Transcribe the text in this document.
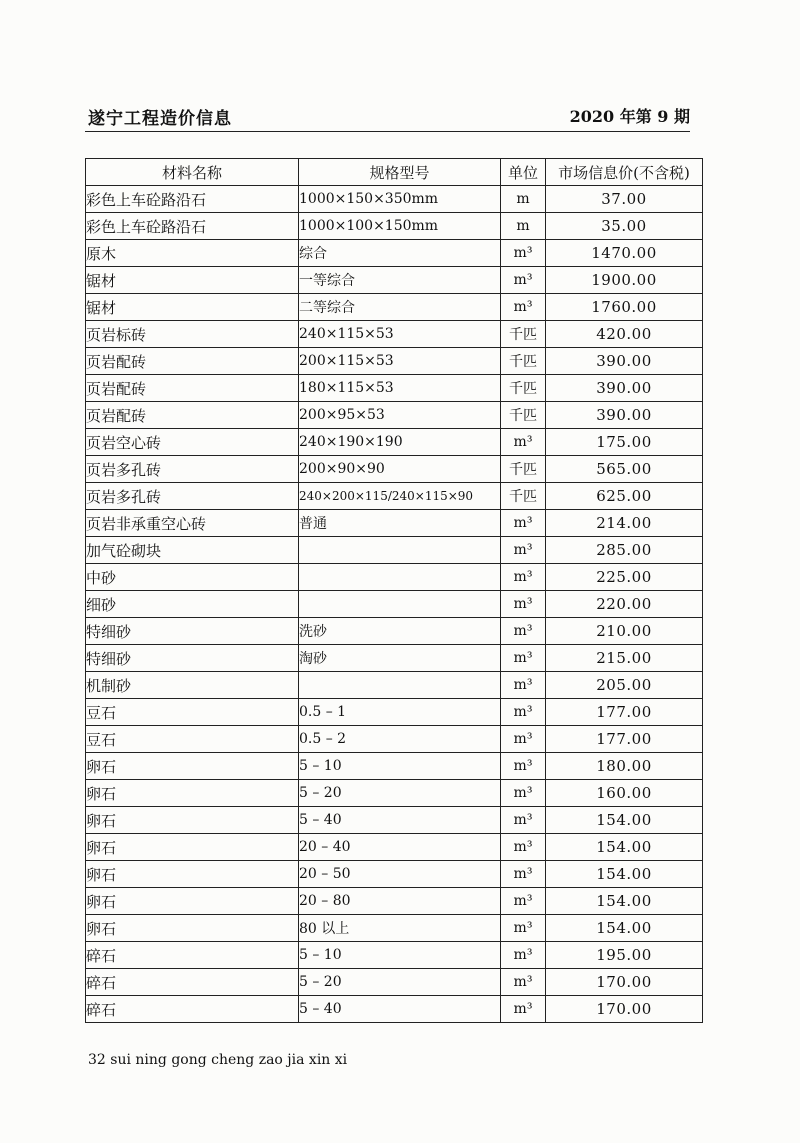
遂宁工程造价信息	2020 年第 9 期
材料名称	规格型号	单位	市场信息价(不含税)
彩色上车砼路沿石	1000×150×350mm	m	37.00
彩色上车砼路沿石	1000×100×150mm	m	35.00
原木	综合	m³	1470.00
锯材	一等综合	m³	1900.00
锯材	二等综合	m³	1760.00
页岩标砖	240×115×53	千匹	420.00
页岩配砖	200×115×53	千匹	390.00
页岩配砖	180×115×53	千匹	390.00
页岩配砖	200×95×53	千匹	390.00
页岩空心砖	240×190×190	m³	175.00
页岩多孔砖	200×90×90	千匹	565.00
页岩多孔砖	240×200×115/240×115×90	千匹	625.00
页岩非承重空心砖	普通	m³	214.00
加气砼砌块		m³	285.00
中砂		m³	225.00
细砂		m³	220.00
特细砂	洗砂	m³	210.00
特细砂	淘砂	m³	215.00
机制砂		m³	205.00
豆石	0.5 – 1	m³	177.00
豆石	0.5 – 2	m³	177.00
卵石	5 – 10	m³	180.00
卵石	5 – 20	m³	160.00
卵石	5 – 40	m³	154.00
卵石	20 – 40	m³	154.00
卵石	20 – 50	m³	154.00
卵石	20 – 80	m³	154.00
卵石	80 以上	m³	154.00
碎石	5 – 10	m³	195.00
碎石	5 – 20	m³	170.00
碎石	5 – 40	m³	170.00
32 sui ning gong cheng zao jia xin xi
